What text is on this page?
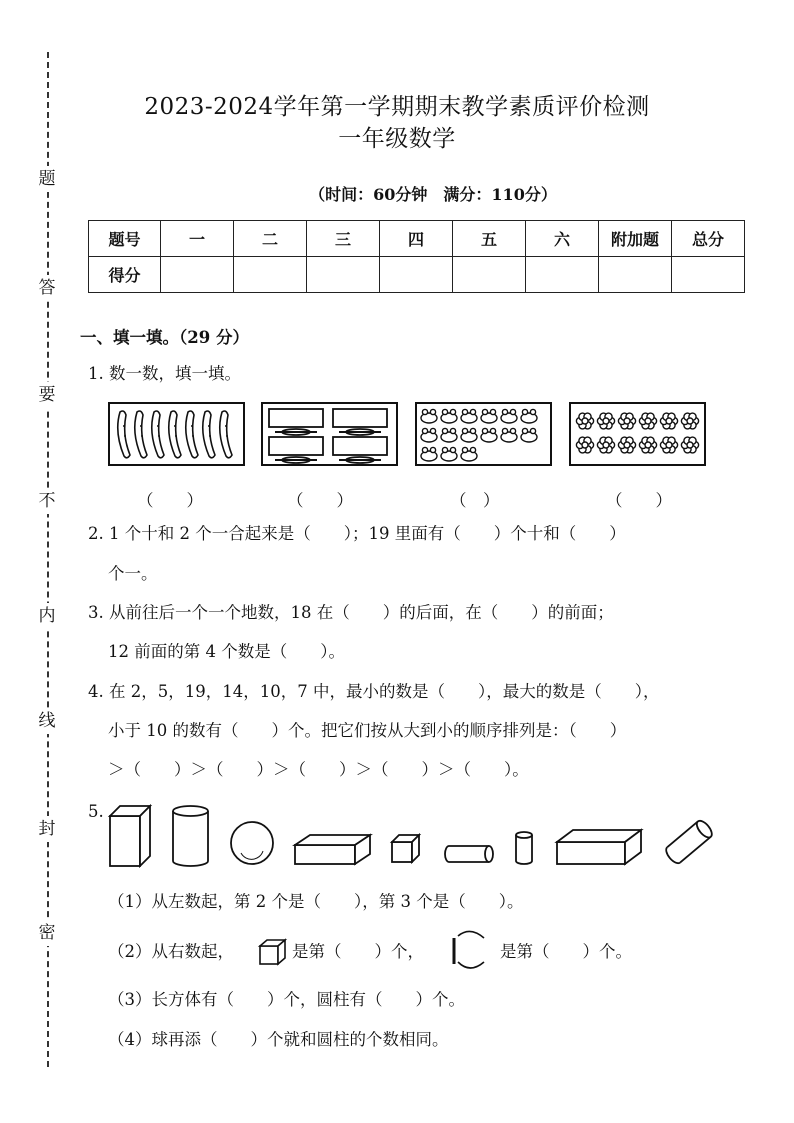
题
答
要
不
内
线
封
密
2023-2024学年第一学期期末教学素质评价检测
一年级数学
（时间：60分钟　满分：110分）
题号	一	二	三	四	五	六	附加题	总分
得分								
一、填一填。（29 分）
1. 数一数，填一填。
（　　）	（　　）	（　）	（　　）
2. 1 个十和 2 个一合起来是（　　）；19 里面有（　　）个十和（　　）
个一。
3. 从前往后一个一个地数，18 在（　　）的后面，在（　　）的前面；
12 前面的第 4 个数是（　　）。
4. 在 2，5，19，14，10，7 中，最小的数是（　　），最大的数是（　　），
小于 10 的数有（　　）个。把它们按从大到小的顺序排列是：（　　）
＞（　　）＞（　　）＞（　　）＞（　　）＞（　　）。
5.
（1）从左数起，第 2 个是（　　），第 3 个是（　　）。
（2）从右数起，	是第（　　）个，	是第（　　）个。
（3）长方体有（　　）个，圆柱有（　　）个。
（4）球再添（　　）个就和圆柱的个数相同。
